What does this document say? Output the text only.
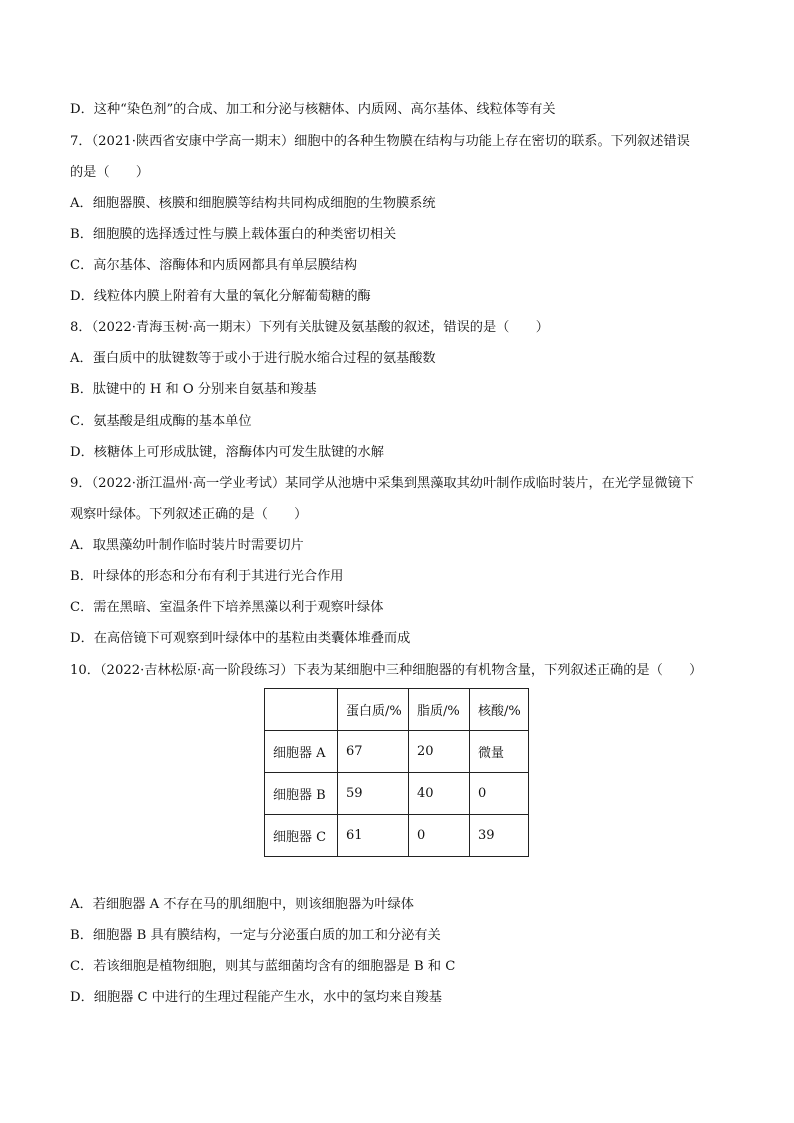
D．这种“染色剂”的合成、加工和分泌与核糖体、内质网、高尔基体、线粒体等有关
7．（2021·陕西省安康中学高一期末）细胞中的各种生物膜在结构与功能上存在密切的联系。下列叙述错误
的是（　　）
A．细胞器膜、核膜和细胞膜等结构共同构成细胞的生物膜系统
B．细胞膜的选择透过性与膜上载体蛋白的种类密切相关
C．高尔基体、溶酶体和内质网都具有单层膜结构
D．线粒体内膜上附着有大量的氧化分解葡萄糖的酶
8．（2022·青海玉树·高一期末）下列有关肽键及氨基酸的叙述，错误的是（　　）
A．蛋白质中的肽键数等于或小于进行脱水缩合过程的氨基酸数
B．肽键中的 H 和 O 分别来自氨基和羧基
C．氨基酸是组成酶的基本单位
D．核糖体上可形成肽键，溶酶体内可发生肽键的水解
9．（2022·浙江温州·高一学业考试）某同学从池塘中采集到黑藻取其幼叶制作成临时装片，在光学显微镜下
观察叶绿体。下列叙述正确的是（　　）
A．取黑藻幼叶制作临时装片时需要切片
B．叶绿体的形态和分布有利于其进行光合作用
C．需在黑暗、室温条件下培养黑藻以利于观察叶绿体
D．在高倍镜下可观察到叶绿体中的基粒由类囊体堆叠而成
10．（2022·吉林松原·高一阶段练习）下表为某细胞中三种细胞器的有机物含量，下列叙述正确的是（　　）
	蛋白质/%	脂质/%	核酸/%
细胞器 A	67	20	微量
细胞器 B	59	40	0
细胞器 C	61	0	39
A．若细胞器 A 不存在马的肌细胞中，则该细胞器为叶绿体
B．细胞器 B 具有膜结构，一定与分泌蛋白质的加工和分泌有关
C．若该细胞是植物细胞，则其与蓝细菌均含有的细胞器是 B 和 C
D．细胞器 C 中进行的生理过程能产生水，水中的氢均来自羧基
